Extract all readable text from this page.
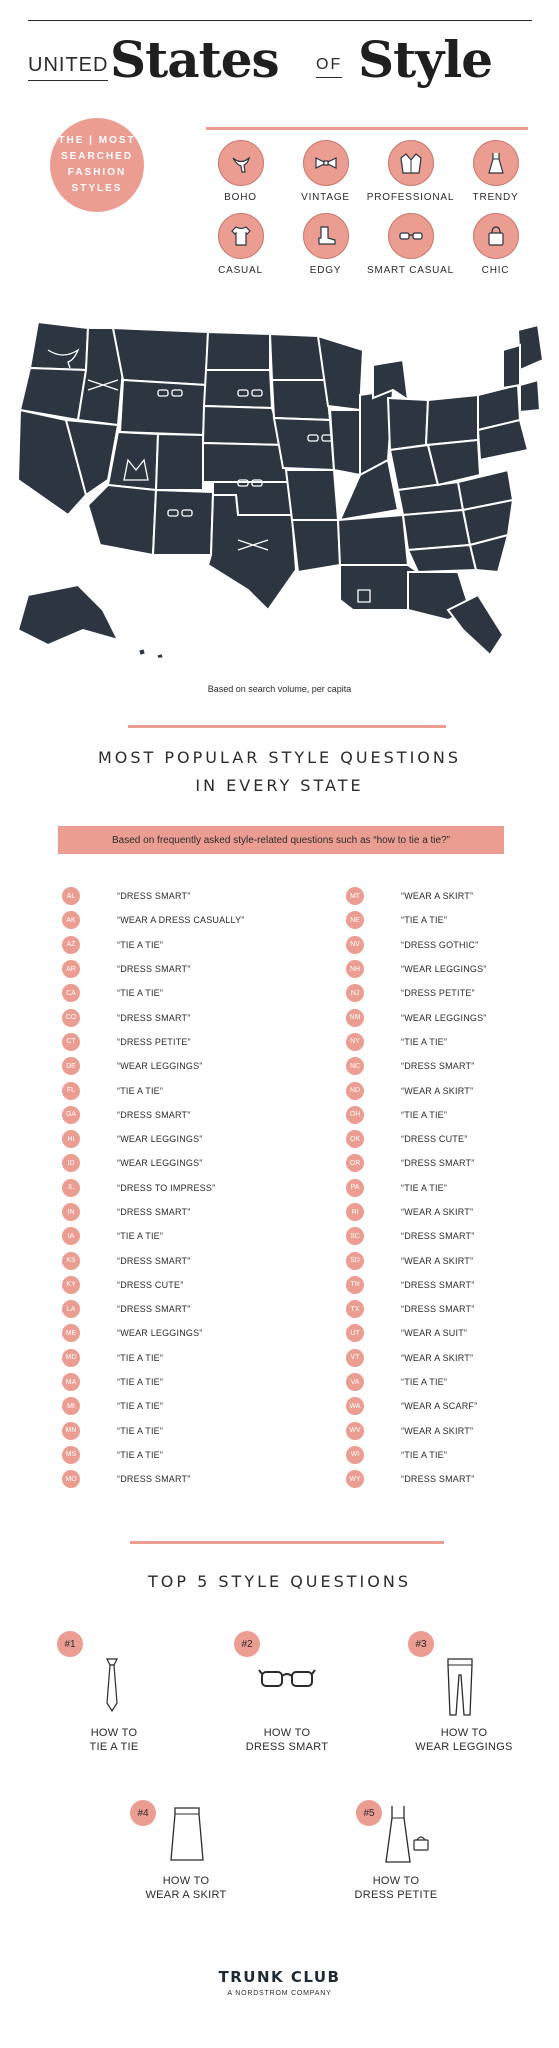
UNITED States OF Style
THE | MOST
SEARCHED
FASHION
STYLES
BOHO	VINTAGE PROFESSIONAL TRENDY
CASUAL	EDGY	SMART CASUAL	CHIC
Based on search volume, per capita
MOST POPULAR STYLE QUESTIONS
IN EVERY STATE
Based on frequently asked style-related questions such as “how to tie a tie?”
AL	“DRESS SMART”
AK	“WEAR A DRESS CASUALLY”
AZ	“TIE A TIE”
AR	“DRESS SMART”
CA	“TIE A TIE”
CO	“DRESS SMART”
CT	“DRESS PETITE”
DE	“WEAR LEGGINGS”
FL	“TIE A TIE”
GA	“DRESS SMART”
HI	“WEAR LEGGINGS”
ID	“WEAR LEGGINGS”
IL	“DRESS TO IMPRESS”
IN	“DRESS SMART”
IA	“TIE A TIE”
KS	“DRESS SMART”
KY	“DRESS CUTE”
LA	“DRESS SMART”
ME	“WEAR LEGGINGS”
MD	“TIE A TIE”
MA	“TIE A TIE”
MI	“TIE A TIE”
MN	“TIE A TIE”
MS	“TIE A TIE”
MO	“DRESS SMART”
MT	“WEAR A SKIRT”
NE	“TIE A TIE”
NV	“DRESS GOTHIC”
NH	“WEAR LEGGINGS”
NJ	“DRESS PETITE”
NM	“WEAR LEGGINGS”
NY	“TIE A TIE”
NC	“DRESS SMART”
ND	“WEAR A SKIRT”
OH	“TIE A TIE”
OK	“DRESS CUTE”
OR	“DRESS SMART”
PA	“TIE A TIE”
RI	“WEAR A SKIRT”
SC	“DRESS SMART”
SD	“WEAR A SKIRT”
TN	“DRESS SMART”
TX	“DRESS SMART”
UT	“WEAR A SUIT”
VT	“WEAR A SKIRT”
VA	“TIE A TIE”
WA	“WEAR A SCARF”
WV	“WEAR A SKIRT”
WI	“TIE A TIE”
WY	“DRESS SMART”
TOP 5 STYLE QUESTIONS
#1
HOW TO
TIE A TIE
#2
HOW TO
DRESS SMART
#3
HOW TO
WEAR LEGGINGS
#4
HOW TO
WEAR A SKIRT
#5
HOW TO
DRESS PETITE
TRUNK CLUB
A NORDSTROM COMPANY
